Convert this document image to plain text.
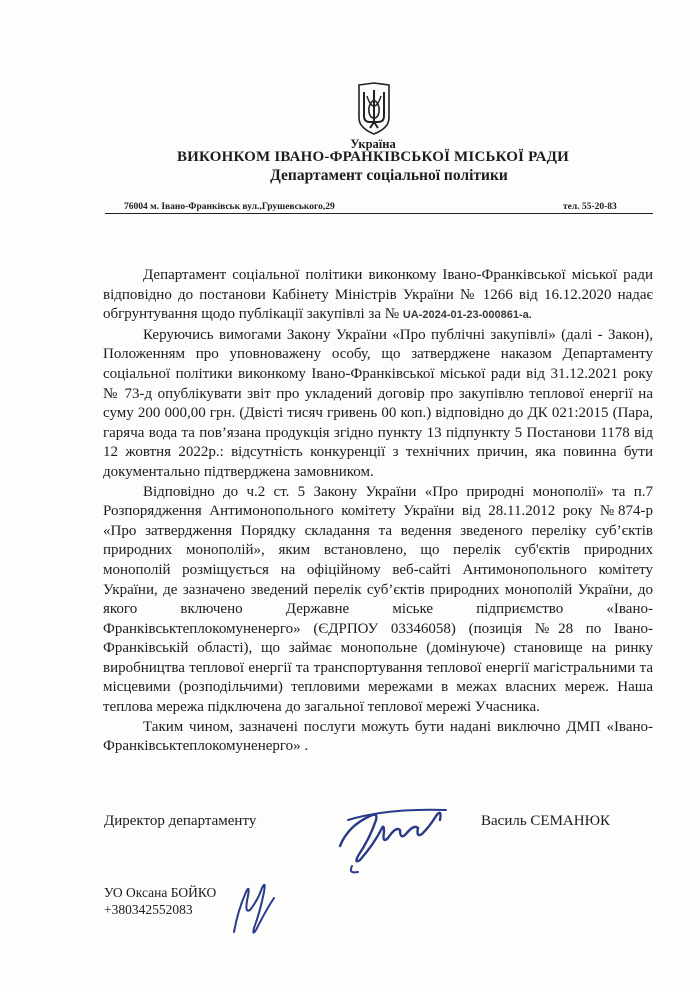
Україна
ВИКОНКОМ ІВАНО-ФРАНКІВСЬКОЇ МІСЬКОЇ РАДИ
Департамент соціальної політики
76004 м. Івано-Франківськ вул.,Грушевського,29	тел. 55-20-83

Департамент соціальної політики виконкому Івано-Франківської міської ради відповідно до постанови Кабінету Міністрів України № 1266 від 16.12.2020 надає обгрунтування щодо публікації закупівлі за № UA-2024-01-23-000861-a.

Керуючись вимогами Закону України «Про публічні закупівлі» (далі - Закон), Положенням про уповноважену особу, що затверджене наказом Департаменту соціальної політики виконкому Івано-Франківської міської ради від 31.12.2021 року № 73-д опублікувати звіт про укладений договір про закупівлю теплової енергії на суму 200 000,00 грн. (Двісті тисяч гривень 00 коп.) відповідно до ДК 021:2015 (Пара, гаряча вода та пов’язана продукція згідно пункту 13 підпункту 5 Постанови 1178 від 12 жовтня 2022р.: відсутність конкуренції з технічних причин, яка повинна бути документально підтверджена замовником.

Відповідно до ч.2 ст. 5 Закону України «Про природні монополії» та п.7 Розпорядження Антимонопольного комітету України від 28.11.2012 року №874-р «Про затвердження Порядку складання та ведення зведеного переліку суб’єктів природних монополій», яким встановлено, що перелік суб'єктів природних монополій розміщується на офіційному веб-сайті Антимонопольного комітету України, де зазначено зведений перелік суб’єктів природних монополій України, до якого включено Державне міське підприємство «Івано-Франківськтеплокомуненерго» (ЄДРПОУ 03346058) (позиція №28 по Івано-Франківській області), що займає монопольне (домінуюче) становище на ринку виробництва теплової енергії та транспортування теплової енергії магістральними та місцевими (розподільчими) тепловими мережами в межах власних мереж. Наша теплова мережа підключена до загальної теплової мережі Учасника.

Таким чином, зазначені послуги можуть бути надані виключно ДМП «Івано-Франківськтеплокомуненерго» .

Директор департаменту	Василь СЕМАНЮК
УО Оксана БОЙКО
+380342552083
